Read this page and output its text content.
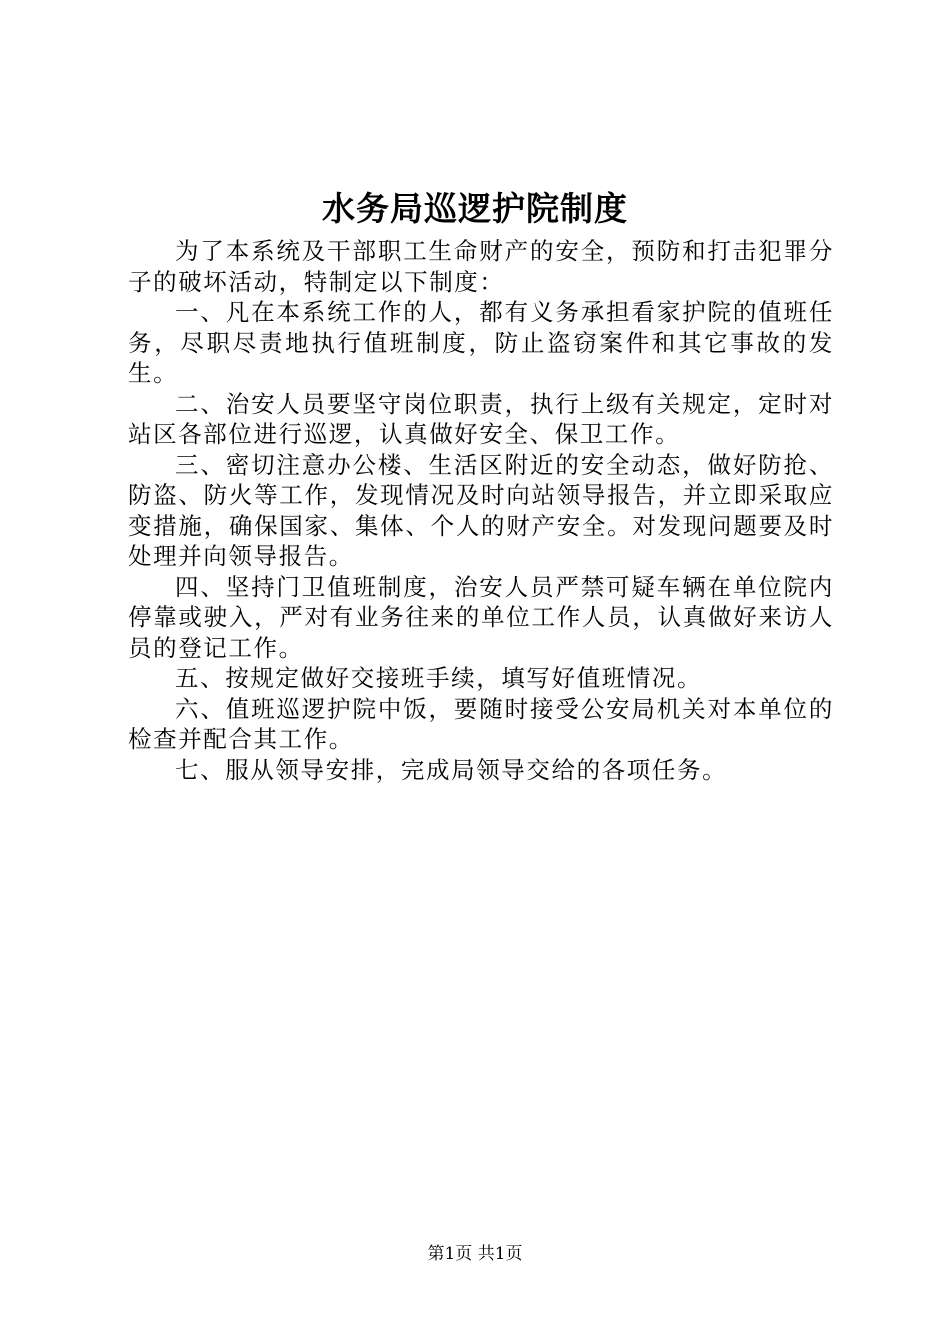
水务局巡逻护院制度

为了本系统及干部职工生命财产的安全，预防和打击犯罪分子的破坏活动，特制定以下制度：

一、凡在本系统工作的人，都有义务承担看家护院的值班任务，尽职尽责地执行值班制度，防止盗窃案件和其它事故的发生。

二、治安人员要坚守岗位职责，执行上级有关规定，定时对站区各部位进行巡逻，认真做好安全、保卫工作。

三、密切注意办公楼、生活区附近的安全动态，做好防抢、防盗、防火等工作，发现情况及时向站领导报告，并立即采取应变措施，确保国家、集体、个人的财产安全。对发现问题要及时处理并向领导报告。

四、坚持门卫值班制度，治安人员严禁可疑车辆在单位院内停靠或驶入，严对有业务往来的单位工作人员，认真做好来访人员的登记工作。

五、按规定做好交接班手续，填写好值班情况。

六、值班巡逻护院中饭，要随时接受公安局机关对本单位的检查并配合其工作。

七、服从领导安排，完成局领导交给的各项任务。

第1页 共1页
